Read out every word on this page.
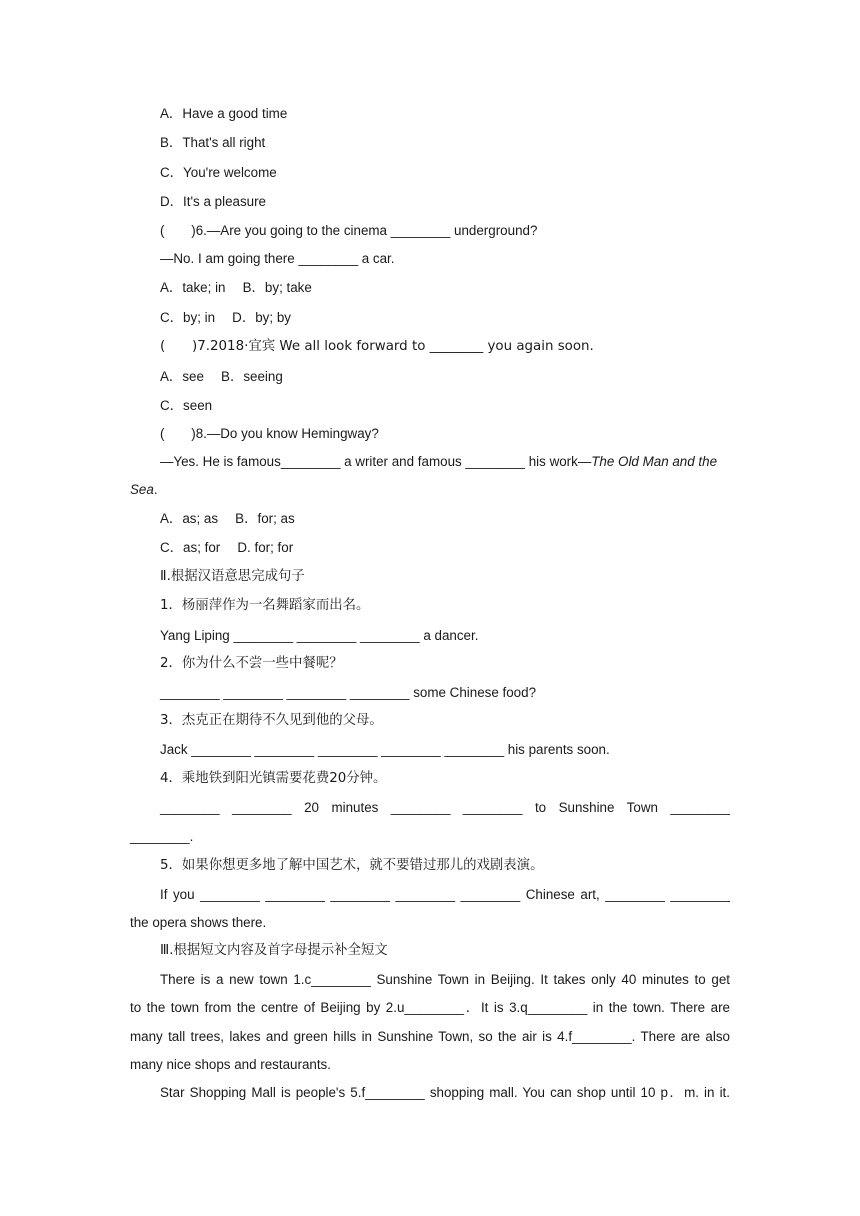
A．Have a good time
B．That's all right
C．You're welcome
D．It's a pleasure
(　　)6.—Are you going to the cinema ________ underground?
—No. I am going there ________ a car.
A．take; in　 B．by; take
C．by; in　 D．by; by
(　　)7.2018·宜宾 We all look forward to ________ you again soon.
A．see　 B．seeing
C．seen
(　　)8.—Do you know Hemingway?
—Yes. He is famous________ a writer and famous ________ his work—The Old Man and the
Sea.
A．as; as　 B．for; as
C．as; for　 D. for; for
Ⅱ.根据汉语意思完成句子
1．杨丽萍作为一名舞蹈家而出名。
Yang Liping ________ ________ ________ a dancer.
2．你为什么不尝一些中餐呢？
________ ________ ________ ________ some Chinese food?
3．杰克正在期待不久见到他的父母。
Jack ________ ________ ________ ________ ________ his parents soon.
4．乘地铁到阳光镇需要花费20分钟。
________ ________ 20 minutes ________ ________ to Sunshine Town ________
________.
5．如果你想更多地了解中国艺术，就不要错过那儿的戏剧表演。
If you ________ ________ ________ ________ ________ Chinese art, ________ ________
the opera shows there.
Ⅲ.根据短文内容及首字母提示补全短文
There is a new town 1.c________ Sunshine Town in Beijing. It takes only 40 minutes to get
to the town from the centre of Beijing by 2.u________．It is 3.q________ in the town. There are
many tall trees, lakes and green hills in Sunshine Town, so the air is 4.f________. There are also
many nice shops and restaurants.
Star Shopping Mall is people's 5.f________ shopping mall. You can shop until 10 p．m. in it.
